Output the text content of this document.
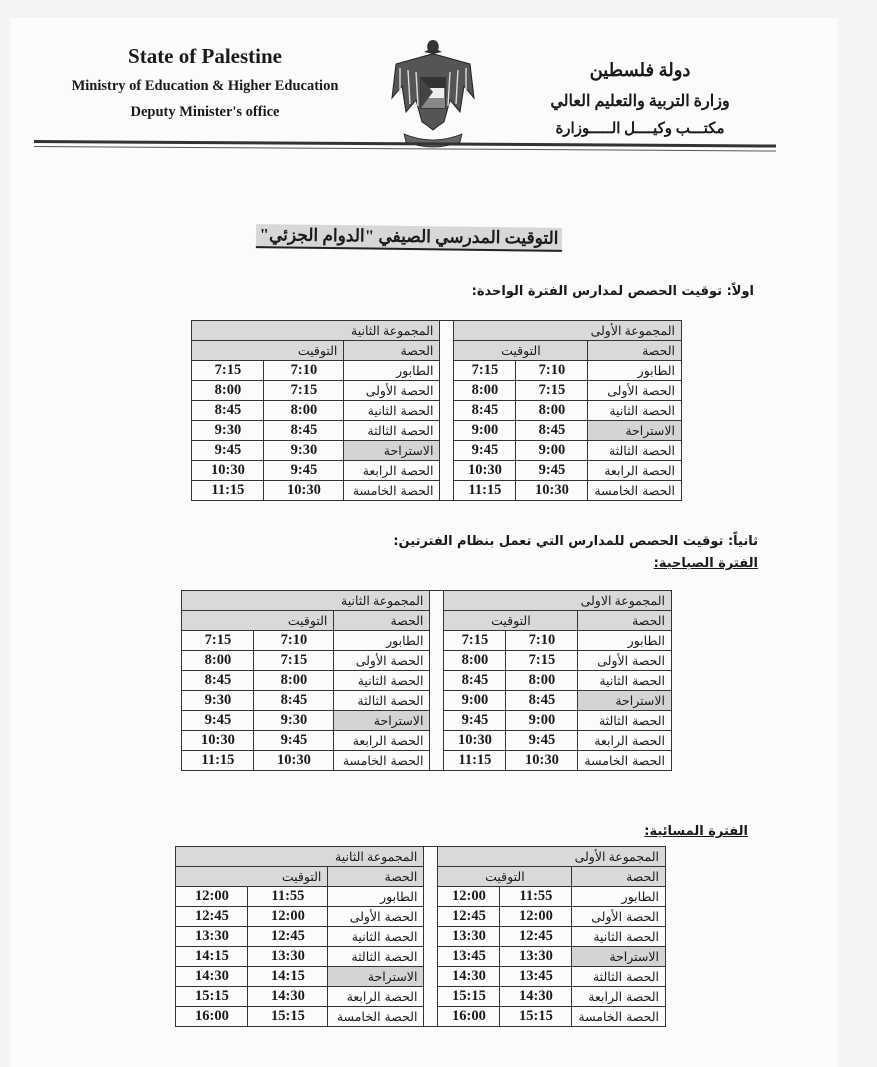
State of Palestine
Ministry of Education & Higher Education
Deputy Minister's office
دولة فلسطين
وزارة التربية والتعليم العالي
مكتـــب وكيــــل الـــــوزارة
التوقيت المدرسي الصيفي "الدوام الجزئي"
اولاً: توقيت الحصص لمدارس الفترة الواحدة:
المجموعة الأولى				المجموعة الثانية		
الحصة	التوقيت			الحصة	التوقيت	
الطابور	7:10	7:15		الطابور	7:10	7:15
الحصة الأولى	7:15	8:00		الحصة الأولى	7:15	8:00
الحصة الثانية	8:00	8:45		الحصة الثانية	8:00	8:45
الاستراحة	8:45	9:00		الحصة الثالثة	8:45	9:30
الحصة الثالثة	9:00	9:45		الاستراحة	9:30	9:45
الحصة الرابعة	9:45	10:30		الحصة الرابعة	9:45	10:30
الحصة الخامسة	10:30	11:15		الحصة الخامسة	10:30	11:15
ثانياً: توقيت الحصص للمدارس التي تعمل بنظام الفترتين:
الفترة الصباحية:
المجموعة الاولى				المجموعة الثانية		
الحصة	التوقيت			الحصة	التوقيت	
الطابور	7:10	7:15		الطابور	7:10	7:15
الحصة الأولى	7:15	8:00		الحصة الأولى	7:15	8:00
الحصة الثانية	8:00	8:45		الحصة الثانية	8:00	8:45
الاستراحة	8:45	9:00		الحصة الثالثة	8:45	9:30
الحصة الثالثة	9:00	9:45		الاستراحة	9:30	9:45
الحصة الرابعة	9:45	10:30		الحصة الرابعة	9:45	10:30
الحصة الخامسة	10:30	11:15		الحصة الخامسة	10:30	11:15
الفترة المسائية:
المجموعة الأولى				المجموعة الثانية		
الحصة	التوقيت			الحصة	التوقيت	
الطابور	11:55	12:00		الطابور	11:55	12:00
الحصة الأولى	12:00	12:45		الحصة الأولى	12:00	12:45
الحصة الثانية	12:45	13:30		الحصة الثانية	12:45	13:30
الاستراحة	13:30	13:45		الحصة الثالثة	13:30	14:15
الحصة الثالثة	13:45	14:30		الاستراحة	14:15	14:30
الحصة الرابعة	14:30	15:15		الحصة الرابعة	14:30	15:15
الحصة الخامسة	15:15	16:00		الحصة الخامسة	15:15	16:00
